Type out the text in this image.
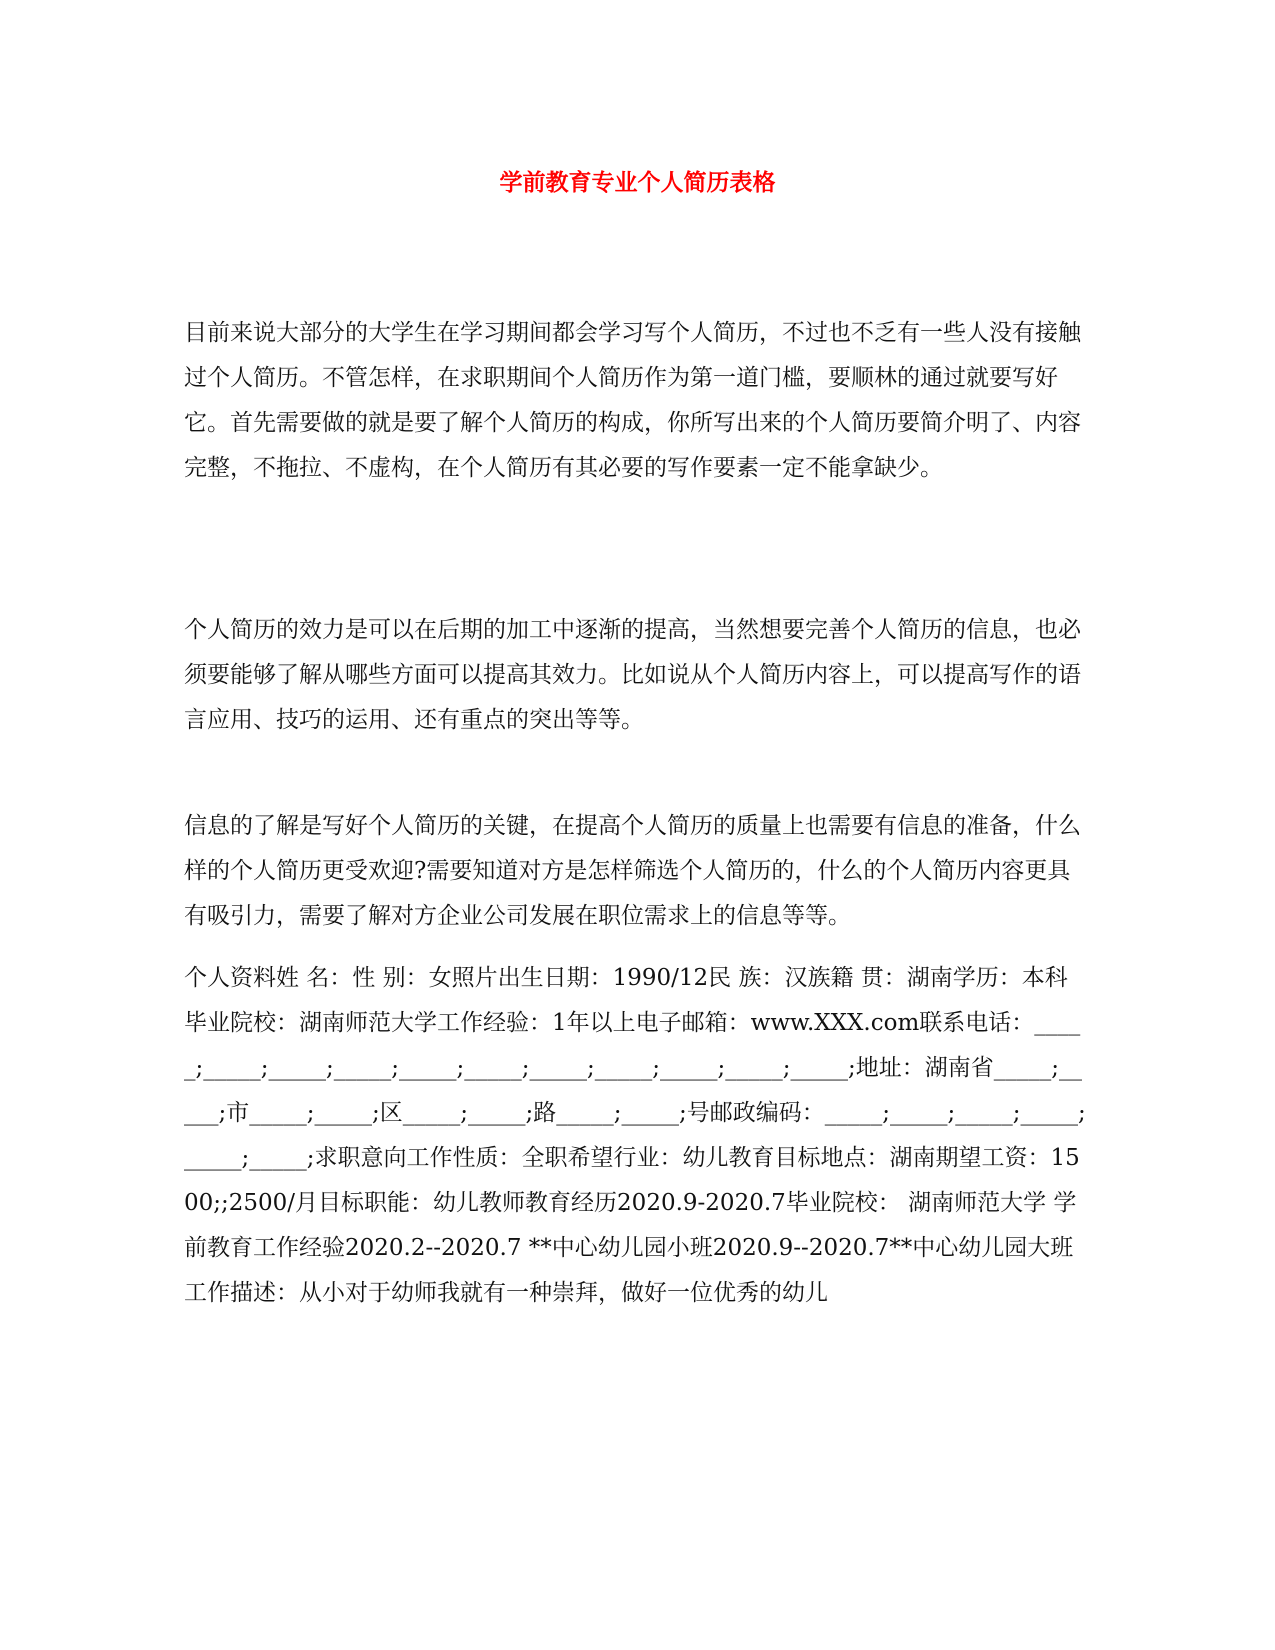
学前教育专业个人简历表格

目前来说大部分的大学生在学习期间都会学习写个人简历，不过也不乏有一些人没有接触过个人简历。不管怎样，在求职期间个人简历作为第一道门槛，要顺林的通过就要写好它。首先需要做的就是要了解个人简历的构成，你所写出来的个人简历要简介明了、内容完整，不拖拉、不虚构，在个人简历有其必要的写作要素一定不能拿缺少。

个人简历的效力是可以在后期的加工中逐渐的提高，当然想要完善个人简历的信息，也必须要能够了解从哪些方面可以提高其效力。比如说从个人简历内容上，可以提高写作的语言应用、技巧的运用、还有重点的突出等等。

信息的了解是写好个人简历的关键，在提高个人简历的质量上也需要有信息的准备，什么样的个人简历更受欢迎?需要知道对方是怎样筛选个人简历的，什么的个人简历内容更具有吸引力，需要了解对方企业公司发展在职位需求上的信息等等。

个人资料姓 名：性 别：女照片出生日期：1990/12民 族：汉族籍 贯：湖南学历：本科毕业院校：湖南师范大学工作经验：1年以上电子邮箱：www.XXX.com联系电话：_____;_____;_____;_____;_____;_____;_____;_____;_____;_____;_____;地址：湖南省_____;_____;市_____;_____;区_____;_____;路_____;_____;号邮政编码：_____;_____;_____;_____;_____;_____;求职意向工作性质：全职希望行业：幼儿教育目标地点：湖南期望工资：1500;;2500/月目标职能：幼儿教师教育经历2020.9-2020.7毕业院校： 湖南师范大学 学前教育工作经验2020.2--2020.7 **中心幼儿园小班2020.9--2020.7**中心幼儿园大班工作描述：从小对于幼师我就有一种崇拜，做好一位优秀的幼儿
